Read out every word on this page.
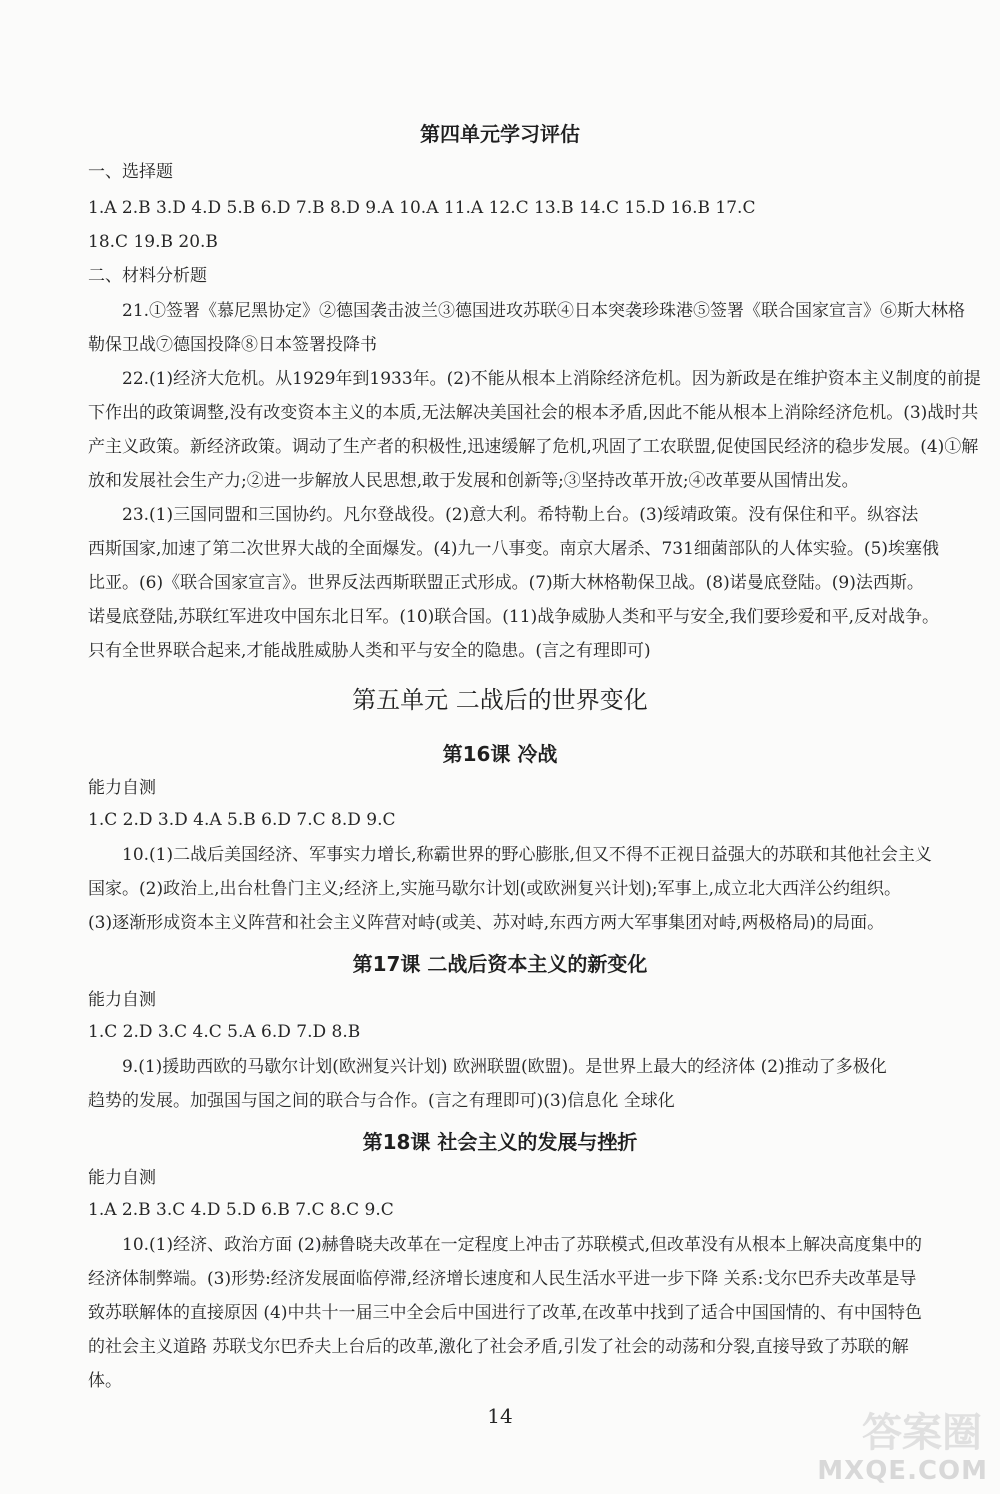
第四单元学习评估
一、选择题
1.A 2.B 3.D 4.D 5.B 6.D 7.B 8.D 9.A 10.A 11.A 12.C 13.B 14.C 15.D 16.B 17.C
18.C 19.B 20.B
二、材料分析题
21.①签署《慕尼黑协定》②德国袭击波兰③德国进攻苏联④日本突袭珍珠港⑤签署《联合国家宣言》⑥斯大林格
勒保卫战⑦德国投降⑧日本签署投降书
22.(1)经济大危机。从1929年到1933年。(2)不能从根本上消除经济危机。因为新政是在维护资本主义制度的前提
下作出的政策调整,没有改变资本主义的本质,无法解决美国社会的根本矛盾,因此不能从根本上消除经济危机。(3)战时共
产主义政策。新经济政策。调动了生产者的积极性,迅速缓解了危机,巩固了工农联盟,促使国民经济的稳步发展。(4)①解
放和发展社会生产力;②进一步解放人民思想,敢于发展和创新等;③坚持改革开放;④改革要从国情出发。
23.(1)三国同盟和三国协约。凡尔登战役。(2)意大利。希特勒上台。(3)绥靖政策。没有保住和平。纵容法
西斯国家,加速了第二次世界大战的全面爆发。(4)九一八事变。南京大屠杀、731细菌部队的人体实验。(5)埃塞俄
比亚。(6)《联合国家宣言》。世界反法西斯联盟正式形成。(7)斯大林格勒保卫战。(8)诺曼底登陆。(9)法西斯。
诺曼底登陆,苏联红军进攻中国东北日军。(10)联合国。(11)战争威胁人类和平与安全,我们要珍爱和平,反对战争。
只有全世界联合起来,才能战胜威胁人类和平与安全的隐患。(言之有理即可)
第五单元 二战后的世界变化
第16课 冷战
能力自测
1.C 2.D 3.D 4.A 5.B 6.D 7.C 8.D 9.C
10.(1)二战后美国经济、军事实力增长,称霸世界的野心膨胀,但又不得不正视日益强大的苏联和其他社会主义
国家。(2)政治上,出台杜鲁门主义;经济上,实施马歇尔计划(或欧洲复兴计划);军事上,成立北大西洋公约组织。
(3)逐渐形成资本主义阵营和社会主义阵营对峙(或美、苏对峙,东西方两大军事集团对峙,两极格局)的局面。
第17课 二战后资本主义的新变化
能力自测
1.C 2.D 3.C 4.C 5.A 6.D 7.D 8.B
9.(1)援助西欧的马歇尔计划(欧洲复兴计划) 欧洲联盟(欧盟)。是世界上最大的经济体 (2)推动了多极化
趋势的发展。加强国与国之间的联合与合作。(言之有理即可)(3)信息化 全球化
第18课 社会主义的发展与挫折
能力自测
1.A 2.B 3.C 4.D 5.D 6.B 7.C 8.C 9.C
10.(1)经济、政治方面 (2)赫鲁晓夫改革在一定程度上冲击了苏联模式,但改革没有从根本上解决高度集中的
经济体制弊端。(3)形势:经济发展面临停滞,经济增长速度和人民生活水平进一步下降 关系:戈尔巴乔夫改革是导
致苏联解体的直接原因 (4)中共十一届三中全会后中国进行了改革,在改革中找到了适合中国国情的、有中国特色
的社会主义道路 苏联戈尔巴乔夫上台后的改革,激化了社会矛盾,引发了社会的动荡和分裂,直接导致了苏联的解
体。
14	答案圈
MXQE.COM
